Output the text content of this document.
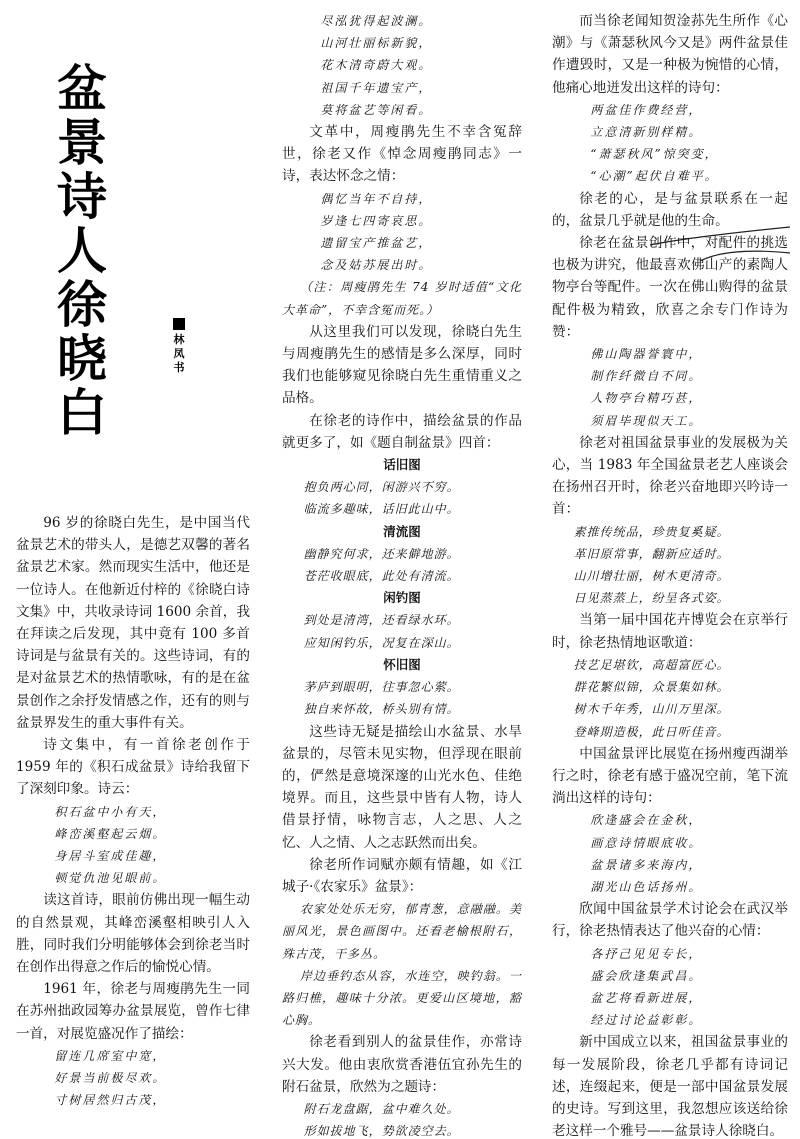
盆
景
诗
人
徐
晓
白
林
凤
书

96 岁的徐晓白先生，是中国当代盆景艺术的带头人，是德艺双馨的著名盆景艺术家。然而现实生活中，他还是一位诗人。在他新近付梓的《徐晓白诗文集》中，共收录诗词 1600 余首，我在拜读之后发现，其中竟有 100 多首诗词是与盆景有关的。这些诗词，有的是对盆景艺术的热情歌咏，有的是在盆景创作之余抒发情感之作，还有的则与盆景界发生的重大事件有关。

诗文集中，有一首徐老创作于 1959 年的《积石成盆景》诗给我留下了深刻印象。诗云：

积石盆中小有天，

峰峦溪壑起云烟。

身居斗室成佳趣，

顿觉仇池见眼前。

读这首诗，眼前仿佛出现一幅生动的自然景观，其峰峦溪壑相映引人入胜，同时我们分明能够体会到徐老当时在创作出得意之作后的愉悦心情。

1961 年，徐老与周瘦鹃先生一同在苏州拙政园筹办盆景展览，曾作七律一首，对展览盛况作了描绘：

留连几席室中宽，

好景当前极尽欢。

寸树居然归古茂，

尽泓犹得起波澜。

山河壮丽标新貌，

花木清奇蔚大观。

祖国千年遗宝产，

莫将盆艺等闲看。

文革中，周瘦鹃先生不幸含冤辞世，徐老又作《悼念周瘦鹃同志》一诗，表达怀念之情：

偶忆当年不自持，

岁逢七四寄哀思。

遗留宝产推盆艺，

念及姑苏展出时。

（注：周瘦鹃先生 74 岁时适值“文化大革命”，不幸含冤而死。）

从这里我们可以发现，徐晓白先生与周瘦鹃先生的感情是多么深厚，同时我们也能够窥见徐晓白先生重情重义之品格。

在徐老的诗作中，描绘盆景的作品就更多了，如《题自制盆景》四首：

话旧图

抱负两心同，闲游兴不穷。

临流多趣味，话旧此山中。

清流图

幽静究何求，还来僻地游。

苍茫收眼底，此处有清流。

闲钓图

到处是清湾，还看绿水环。

应知闲钓乐，况复在深山。

怀旧图

茅庐到眼明，往事忽心萦。

独自来怀故，桥头别有情。

这些诗无疑是描绘山水盆景、水旱盆景的，尽管未见实物，但浮现在眼前的，俨然是意境深邃的山光水色、佳绝境界。而且，这些景中皆有人物，诗人借景抒情，咏物言志，人之思、人之忆、人之情、人之志跃然而出矣。

徐老所作词赋亦颇有情趣，如《江城子·《农家乐》盆景》：

农家处处乐无穷，郁青葱，意融融。美丽风光，景色画图中。还看老榆根附石，殊古茂，干多丛。

岸边垂钓态从容，水连空，映钓翁。一路归樵，趣味十分浓。更爱山区境地，豁心胸。

徐老看到别人的盆景佳作，亦常诗兴大发。他由衷欣赏香港伍宜孙先生的附石盆景，欣然为之题诗：

附石龙盘踞，盆中难久处。

形如拔地飞，势欲凌空去。

而当徐老闻知贺淦荪先生所作《心潮》与《萧瑟秋风今又是》两件盆景佳作遭毁时，又是一种极为惋惜的心情，他痛心地迸发出这样的诗句：

两盆佳作费经营，

立意清新别样精。

“萧瑟秋风”惊突变，

“心潮”起伏自难平。

徐老的心，是与盆景联系在一起的，盆景几乎就是他的生命。

徐老在盆景创作中，对配件的挑选也极为讲究，他最喜欢佛山产的素陶人物亭台等配件。一次在佛山购得的盆景配件极为精致，欣喜之余专门作诗为赞：

佛山陶器誉寰中，

制作纤微自不同。

人物亭台精巧甚，

须眉毕现似天工。

徐老对祖国盆景事业的发展极为关心，当 1983 年全国盆景老艺人座谈会在扬州召开时，徐老兴奋地即兴吟诗一首：

素推传统品，珍贵复奚疑。

革旧原常事，翻新应适时。

山川增壮丽，树木更清奇。

日见蒸蒸上，纷呈各式姿。

当第一届中国花卉博览会在京举行时，徐老热情地讴歌道：

技艺足堪钦，高超富匠心。

群花繁似锦，众景集如林。

树木千年秀，山川万里深。

登峰期造极，此日听佳音。

中国盆景评比展览在扬州瘦西湖举行之时，徐老有感于盛况空前，笔下流淌出这样的诗句：

欣逢盛会在金秋，

画意诗情眼底收。

盆景诸多来海内，

湖光山色话扬州。

欣闻中国盆景学术讨论会在武汉举行，徐老热情表达了他兴奋的心情：

各抒己见见专长，

盛会欣逢集武昌。

盆艺将看新进展，

经过讨论益彰彰。

新中国成立以来，祖国盆景事业的每一发展阶段，徐老几乎都有诗词记述，连缀起来，便是一部中国盆景发展的史诗。写到这里，我忽想应该送给徐老这样一个雅号——盆景诗人徐晓白。
